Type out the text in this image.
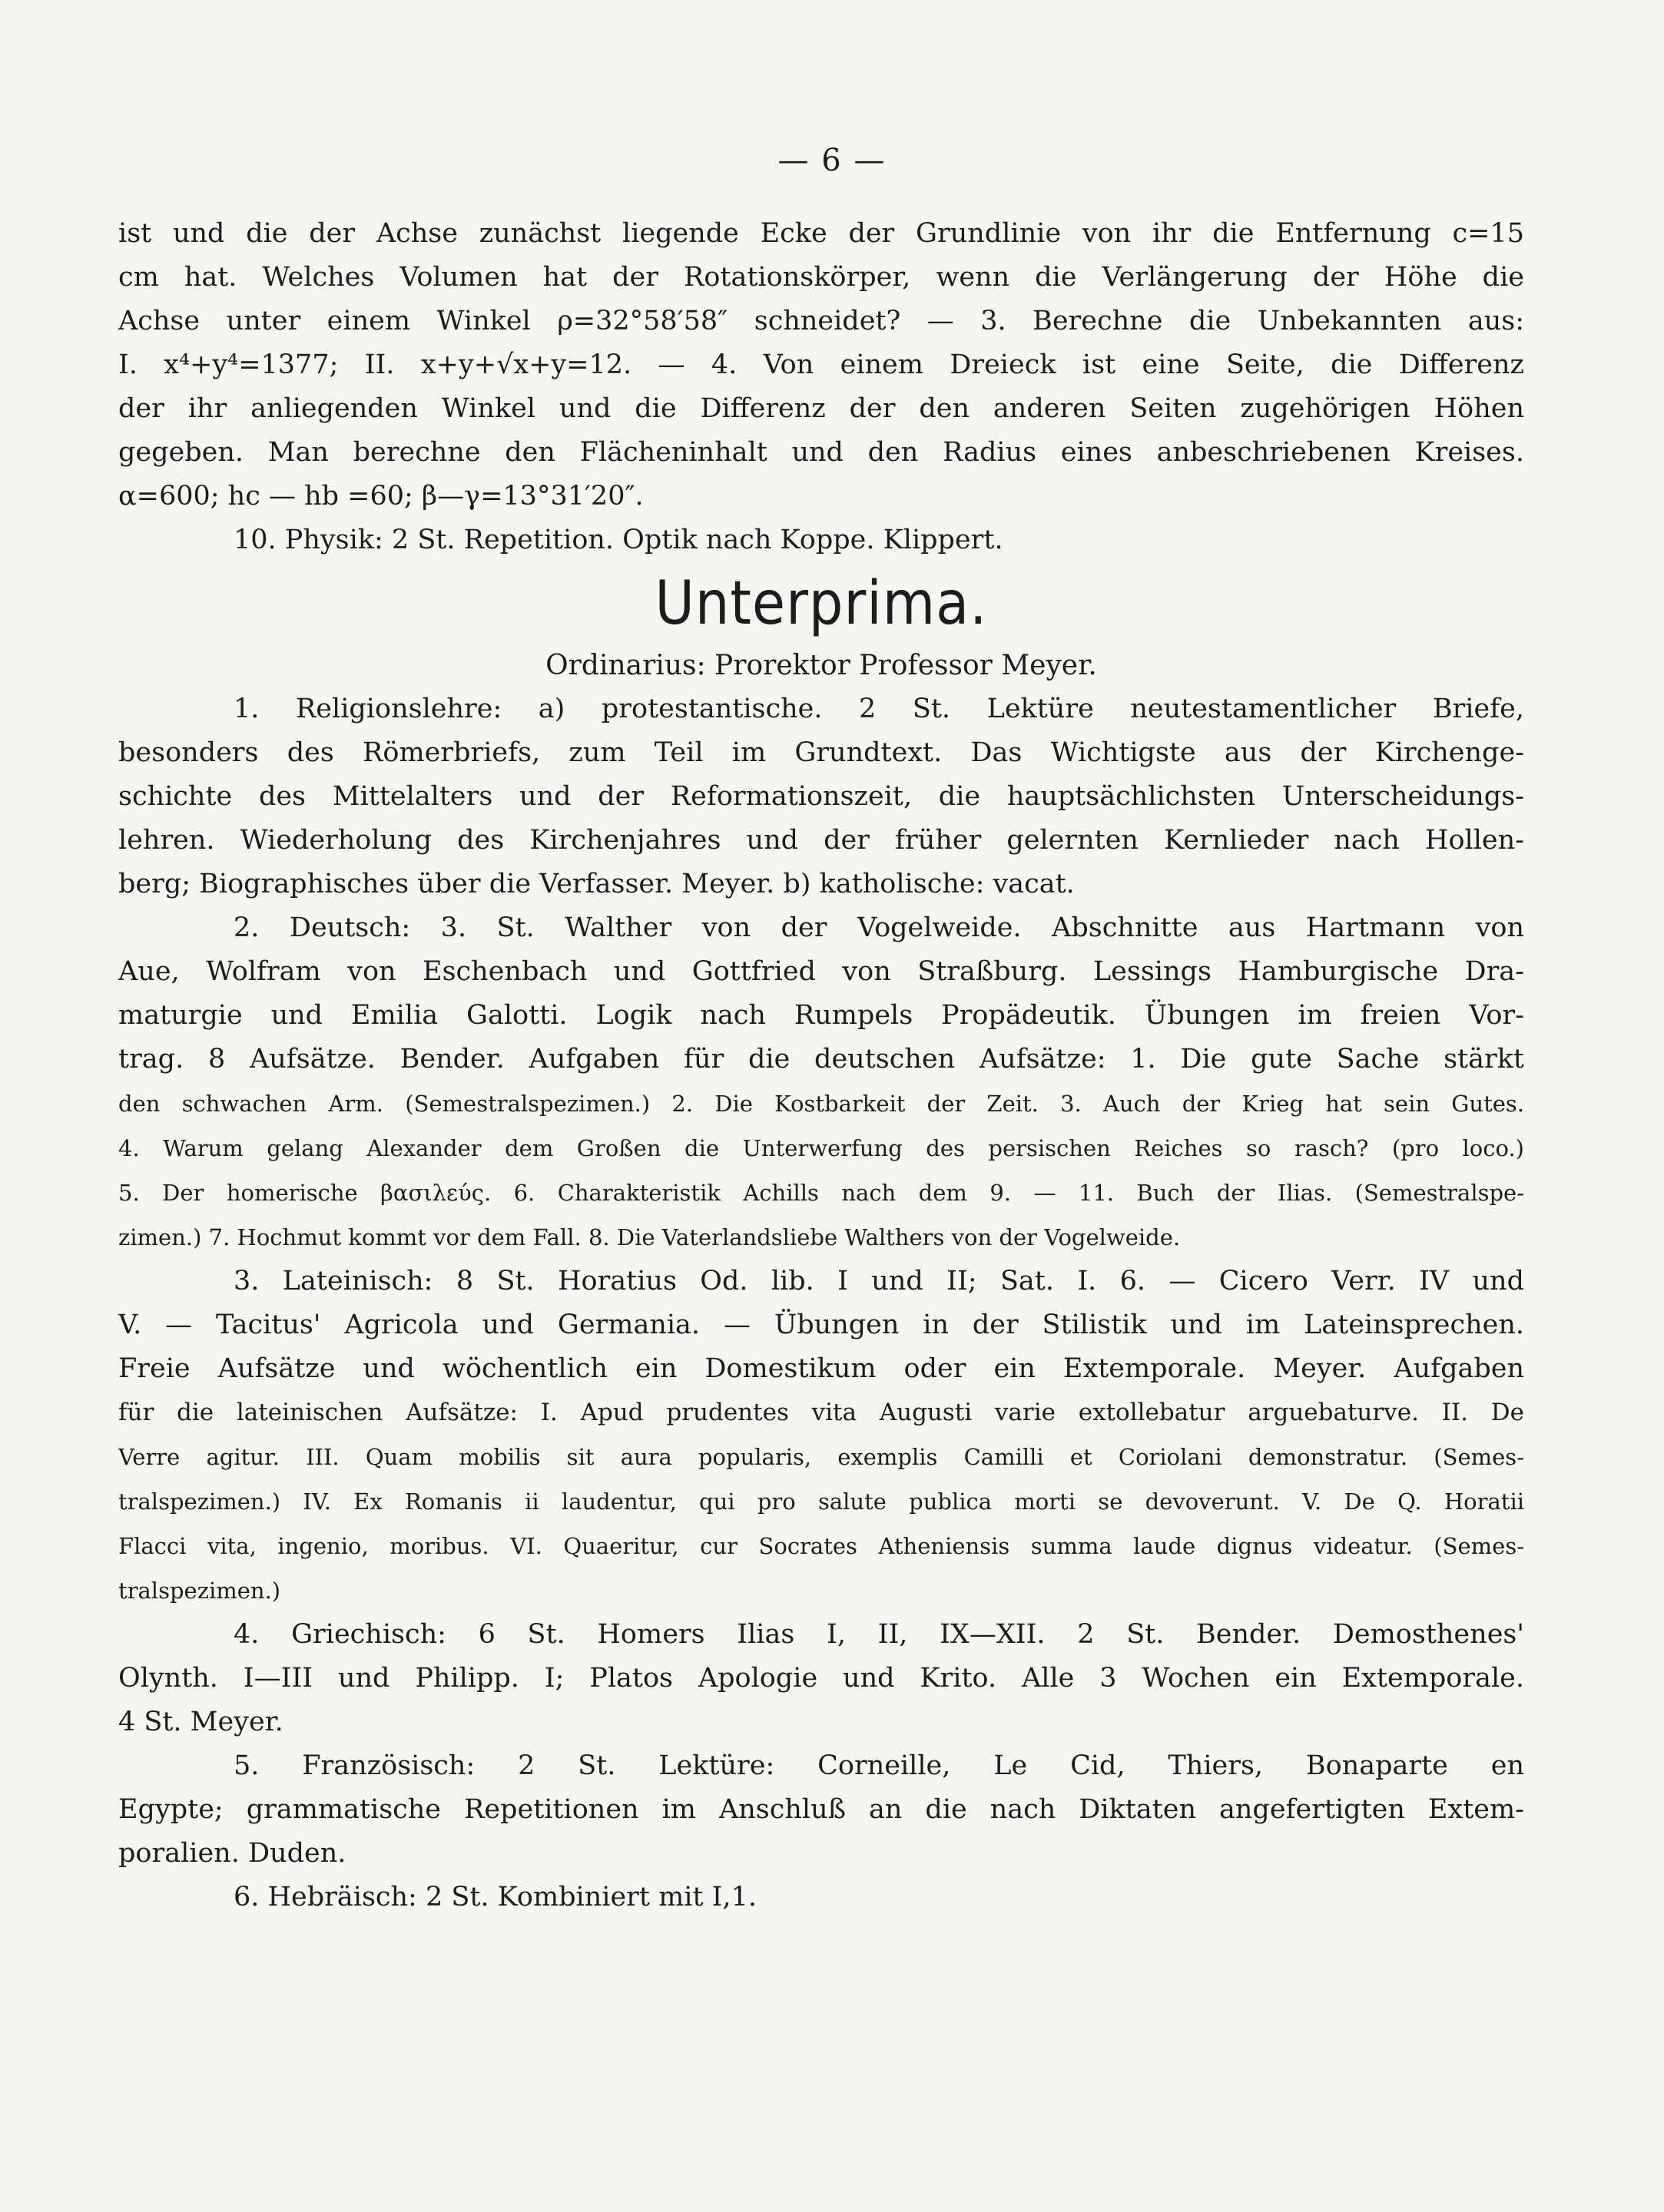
— 6 —
ist und die der Achse zunächst liegende Ecke der Grundlinie von ihr die Entfernung c=15
cm hat. Welches Volumen hat der Rotationskörper, wenn die Verlängerung der Höhe die
Achse unter einem Winkel ρ=32°58′58″ schneidet? — 3. Berechne die Unbekannten aus:
I. x⁴+y⁴=1377; II. x+y+√x+y=12. — 4. Von einem Dreieck ist eine Seite, die Differenz
der ihr anliegenden Winkel und die Differenz der den anderen Seiten zugehörigen Höhen
gegeben. Man berechne den Flächeninhalt und den Radius eines anbeschriebenen Kreises.
α=600; hc — hb =60; β—γ=13°31′20″.
10. Physik: 2 St. Repetition. Optik nach Koppe. Klippert.
Unterprima.
Ordinarius: Prorektor Professor Meyer.
1. Religionslehre: a) protestantische. 2 St. Lektüre neutestamentlicher Briefe,
besonders des Römerbriefs, zum Teil im Grundtext. Das Wichtigste aus der Kirchenge-
schichte des Mittelalters und der Reformationszeit, die hauptsächlichsten Unterscheidungs-
lehren. Wiederholung des Kirchenjahres und der früher gelernten Kernlieder nach Hollen-
berg; Biographisches über die Verfasser. Meyer. b) katholische: vacat.
2. Deutsch: 3. St. Walther von der Vogelweide. Abschnitte aus Hartmann von
Aue, Wolfram von Eschenbach und Gottfried von Straßburg. Lessings Hamburgische Dra-
maturgie und Emilia Galotti. Logik nach Rumpels Propädeutik. Übungen im freien Vor-
trag. 8 Aufsätze. Bender. Aufgaben für die deutschen Aufsätze: 1. Die gute Sache stärkt
den schwachen Arm. (Semestralspezimen.) 2. Die Kostbarkeit der Zeit. 3. Auch der Krieg hat sein Gutes.
4. Warum gelang Alexander dem Großen die Unterwerfung des persischen Reiches so rasch? (pro loco.)
5. Der homerische βασιλεύς. 6. Charakteristik Achills nach dem 9. — 11. Buch der Ilias. (Semestralspe-
zimen.) 7. Hochmut kommt vor dem Fall. 8. Die Vaterlandsliebe Walthers von der Vogelweide.
3. Lateinisch: 8 St. Horatius Od. lib. I und II; Sat. I. 6. — Cicero Verr. IV und
V. — Tacitus' Agricola und Germania. — Übungen in der Stilistik und im Lateinsprechen.
Freie Aufsätze und wöchentlich ein Domestikum oder ein Extemporale. Meyer. Aufgaben
für die lateinischen Aufsätze: I. Apud prudentes vita Augusti varie extollebatur arguebaturve. II. De
Verre agitur. III. Quam mobilis sit aura popularis, exemplis Camilli et Coriolani demonstratur. (Semes-
tralspezimen.) IV. Ex Romanis ii laudentur, qui pro salute publica morti se devoverunt. V. De Q. Horatii
Flacci vita, ingenio, moribus. VI. Quaeritur, cur Socrates Atheniensis summa laude dignus videatur. (Semes-
tralspezimen.)
4. Griechisch: 6 St. Homers Ilias I, II, IX—XII. 2 St. Bender. Demosthenes'
Olynth. I—III und Philipp. I; Platos Apologie und Krito. Alle 3 Wochen ein Extemporale.
4 St. Meyer.
5. Französisch: 2 St. Lektüre: Corneille, Le Cid, Thiers, Bonaparte en
Egypte; grammatische Repetitionen im Anschluß an die nach Diktaten angefertigten Extem-
poralien. Duden.
6. Hebräisch: 2 St. Kombiniert mit I,1.
